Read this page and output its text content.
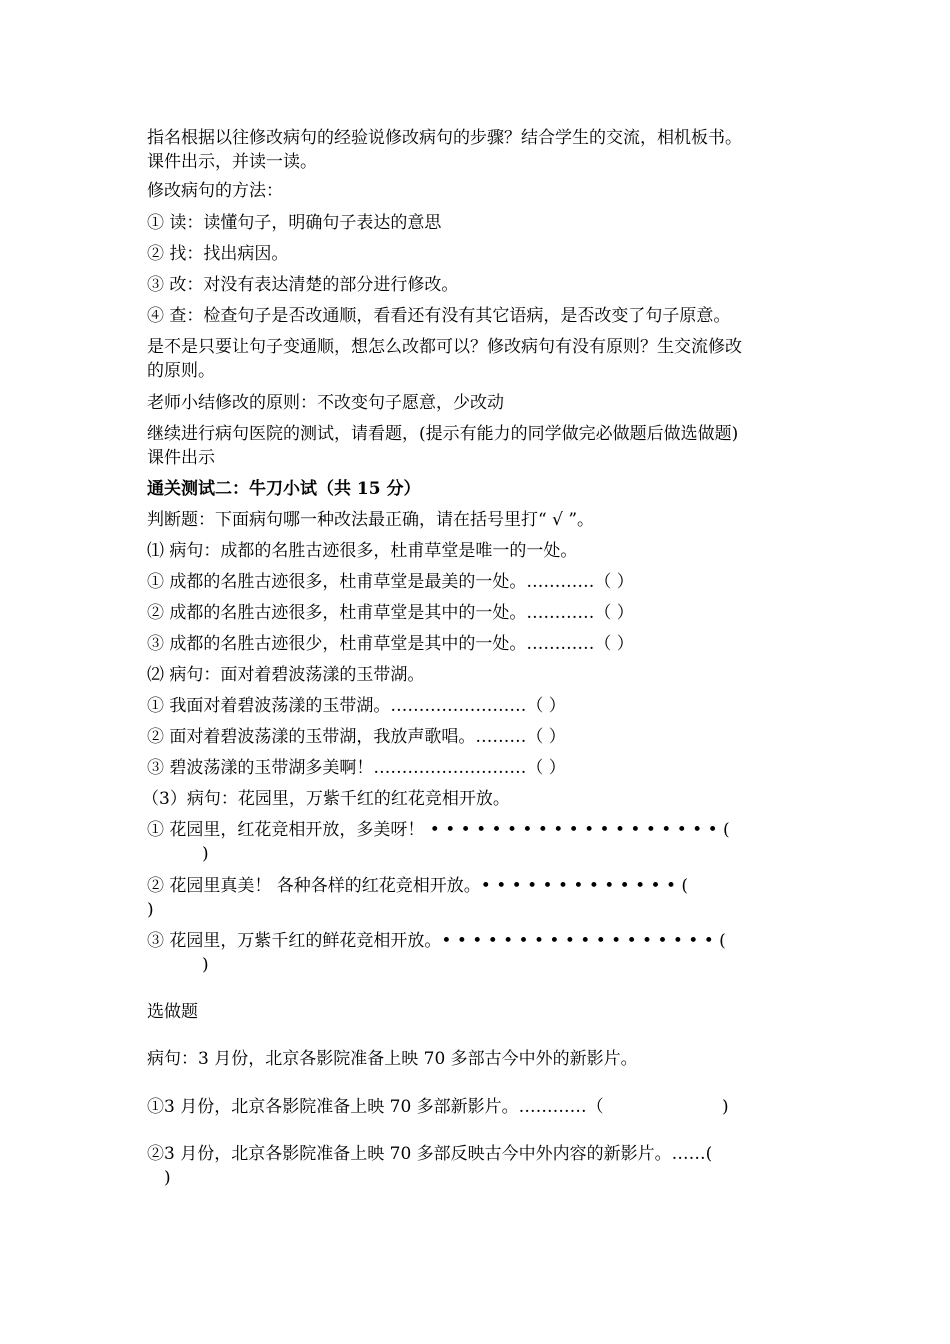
指名根据以往修改病句的经验说修改病句的步骤？结合学生的交流，相机板书。
课件出示，并读一读。
修改病句的方法：
① 读：读懂句子，明确句子表达的意思
② 找：找出病因。
③ 改：对没有表达清楚的部分进行修改。
④ 查：检查句子是否改通顺，看看还有没有其它语病，是否改变了句子原意。
是不是只要让句子变通顺，想怎么改都可以？修改病句有没有原则？生交流修改
的原则。
老师小结修改的原则：不改变句子愿意，少改动
继续进行病句医院的测试，请看题，(提示有能力的同学做完必做题后做选做题)
课件出示
通关测试二：牛刀小试（共 15 分）
判断题：下面病句哪一种改法最正确，请在括号里打“ √ ”。
⑴ 病句：成都的名胜古迹很多，杜甫草堂是唯一的一处。
① 成都的名胜古迹很多，杜甫草堂是最美的一处。…………（ ）
② 成都的名胜古迹很多，杜甫草堂是其中的一处。…………（ ）
③ 成都的名胜古迹很少，杜甫草堂是其中的一处。…………（ ）
⑵ 病句：面对着碧波荡漾的玉带湖。
① 我面对着碧波荡漾的玉带湖。……………………（ ）
② 面对着碧波荡漾的玉带湖，我放声歌唱。………（ ）
③ 碧波荡漾的玉带湖多美啊！………………………（ ）
（3）病句：花园里，万紫千红的红花竞相开放。
① 花园里，红花竞相开放，多美呀！ • • • • • • • • • • • • • • • • • • • (
)
② 花园里真美！ 各种各样的红花竞相开放。• • • • • • • • • • • • • (
)
③ 花园里，万紫千红的鲜花竞相开放。• • • • • • • • • • • • • • • • • • (
)
选做题
病句：3 月份，北京各影院准备上映 70 多部古今中外的新影片。
①3 月份，北京各影院准备上映 70 多部新影片。…………（	)
②3 月份，北京各影院准备上映 70 多部反映古今中外内容的新影片。……(
)
